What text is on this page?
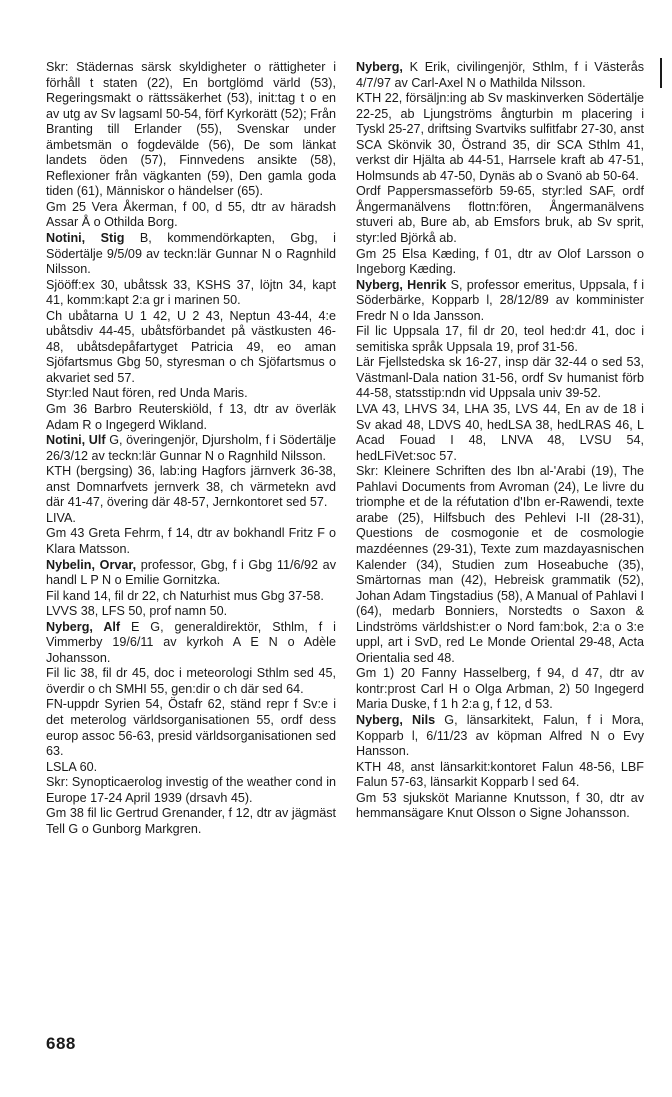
Skr: Städernas särsk skyldigheter o rättigheter i förhåll t staten (22), En bortglömd värld (53), Regeringsmakt o rättssäkerhet (53), init:tag t o en av utg av Sv lagsaml 50-54, förf Kyrkorätt (52); Från Branting till Erlander (55), Svenskar under ämbetsmän o fogdevälde (56), De som länkat landets öden (57), Finnvedens ansikte (58), Reflexioner från vägkanten (59), Den gamla goda tiden (61), Människor o händelser (65).

Gm 25 Vera Åkerman, f 00, d 55, dtr av häradsh Assar Å o Othilda Borg.

Notini, Stig B, kommendörkapten, Gbg, i Södertälje 9/5/09 av teckn:lär Gunnar N o Ragnhild Nilsson.

Sjööff:ex 30, ubåtssk 33, KSHS 37, löjtn 34, kapt 41, komm:kapt 2:a gr i marinen 50.

Ch ubåtarna U 1 42, U 2 43, Neptun 43-44, 4:e ubåtsdiv 44-45, ubåtsförbandet på västkusten 46-48, ubåtsdepåfartyget Patricia 49, eo aman Sjöfartsmus Gbg 50, styresman o ch Sjöfartsmus o akvariet sed 57.

Styr:led Naut fören, red Unda Maris.

Gm 36 Barbro Reuterskiöld, f 13, dtr av överläk Adam R o Ingegerd Wikland.

Notini, Ulf G, överingenjör, Djursholm, f i Södertälje 26/3/12 av teckn:lär Gunnar N o Ragnhild Nilsson.

KTH (bergsing) 36, lab:ing Hagfors järnverk 36-38, anst Domnarfvets jernverk 38, ch värmetekn avd där 41-47, övering där 48-57, Jernkontoret sed 57.

LIVA.

Gm 43 Greta Fehrm, f 14, dtr av bokhandl Fritz F o Klara Matsson.

Nybelin, Orvar, professor, Gbg, f i Gbg 11/6/92 av handl L P N o Emilie Gornitzka.

Fil kand 14, fil dr 22, ch Naturhist mus Gbg 37-58.

LVVS 38, LFS 50, prof namn 50.

Nyberg, Alf E G, generaldirektör, Sthlm, f i Vimmerby 19/6/11 av kyrkoh A E N o Adèle Johansson.

Fil lic 38, fil dr 45, doc i meteorologi Sthlm sed 45, överdir o ch SMHI 55, gen:dir o ch där sed 64.

FN-uppdr Syrien 54, Östafr 62, ständ repr f Sv:e i det meterolog världsorganisationen 55, ordf dess europ assoc 56-63, presid världsorganisationen sed 63.

LSLA 60.

Skr: Synopticaerolog investig of the weather cond in Europe 17-24 April 1939 (drsavh 45).

Gm 38 fil lic Gertrud Grenander, f 12, dtr av jägmäst Tell G o Gunborg Markgren.

Nyberg, K Erik, civilingenjör, Sthlm, f i Västerås 4/7/97 av Carl-Axel N o Mathilda Nilsson.

KTH 22, försäljn:ing ab Sv maskinverken Södertälje 22-25, ab Ljungströms ångturbin m placering i Tyskl 25-27, driftsing Svartviks sulfitfabr 27-30, anst SCA Skönvik 30, Östrand 35, dir SCA Sthlm 41, verkst dir Hjälta ab 44-51, Harrsele kraft ab 47-51, Holmsunds ab 47-50, Dynäs ab o Svanö ab 50-64.

Ordf Pappersmasseförb 59-65, styr:led SAF, ordf Ångermanälvens flottn:fören, Ångermanälvens stuveri ab, Bure ab, ab Emsfors bruk, ab Sv sprit, styr:led Björkå ab.

Gm 25 Elsa Kæding, f 01, dtr av Olof Larsson o Ingeborg Kæding.

Nyberg, Henrik S, professor emeritus, Uppsala, f i Söderbärke, Kopparb l, 28/12/89 av komminister Fredr N o Ida Jansson.

Fil lic Uppsala 17, fil dr 20, teol hed:dr 41, doc i semitiska språk Uppsala 19, prof 31-56.

Lär Fjellstedska sk 16-27, insp där 32-44 o sed 53, Västmanl-Dala nation 31-56, ordf Sv humanist förb 44-58, statsstip:ndn vid Uppsala univ 39-52.

LVA 43, LHVS 34, LHA 35, LVS 44, En av de 18 i Sv akad 48, LDVS 40, hedLSA 38, hedLRAS 46, L Acad Fouad I 48, LNVA 48, LVSU 54, hedLFiVet:soc 57.

Skr: Kleinere Schriften des Ibn al-'Arabi (19), The Pahlavi Documents from Avroman (24), Le livre du triomphe et de la réfutation d'Ibn er-Rawendi, texte arabe (25), Hilfsbuch des Pehlevi I-II (28-31), Questions de cosmogonie et de cosmologie mazdéennes (29-31), Texte zum mazdayasnischen Kalender (34), Studien zum Hoseabuche (35), Smärtornas man (42), Hebreisk grammatik (52), Johan Adam Tingstadius (58), A Manual of Pahlavi I (64), medarb Bonniers, Norstedts o Saxon & Lindströms världshist:er o Nord fam:bok, 2:a o 3:e uppl, art i SvD, red Le Monde Oriental 29-48, Acta Orientalia sed 48.

Gm 1) 20 Fanny Hasselberg, f 94, d 47, dtr av kontr:prost Carl H o Olga Arbman, 2) 50 Ingegerd Maria Duske, f 1 h 2:a g, f 12, d 53.

Nyberg, Nils G, länsarkitekt, Falun, f i Mora, Kopparb l, 6/11/23 av köpman Alfred N o Evy Hansson.

KTH 48, anst länsarkit:kontoret Falun 48-56, LBF Falun 57-63, länsarkit Kopparb l sed 64.

Gm 53 sjuksköt Marianne Knutsson, f 30, dtr av hemmansägare Knut Olsson o Signe Johansson.

688
